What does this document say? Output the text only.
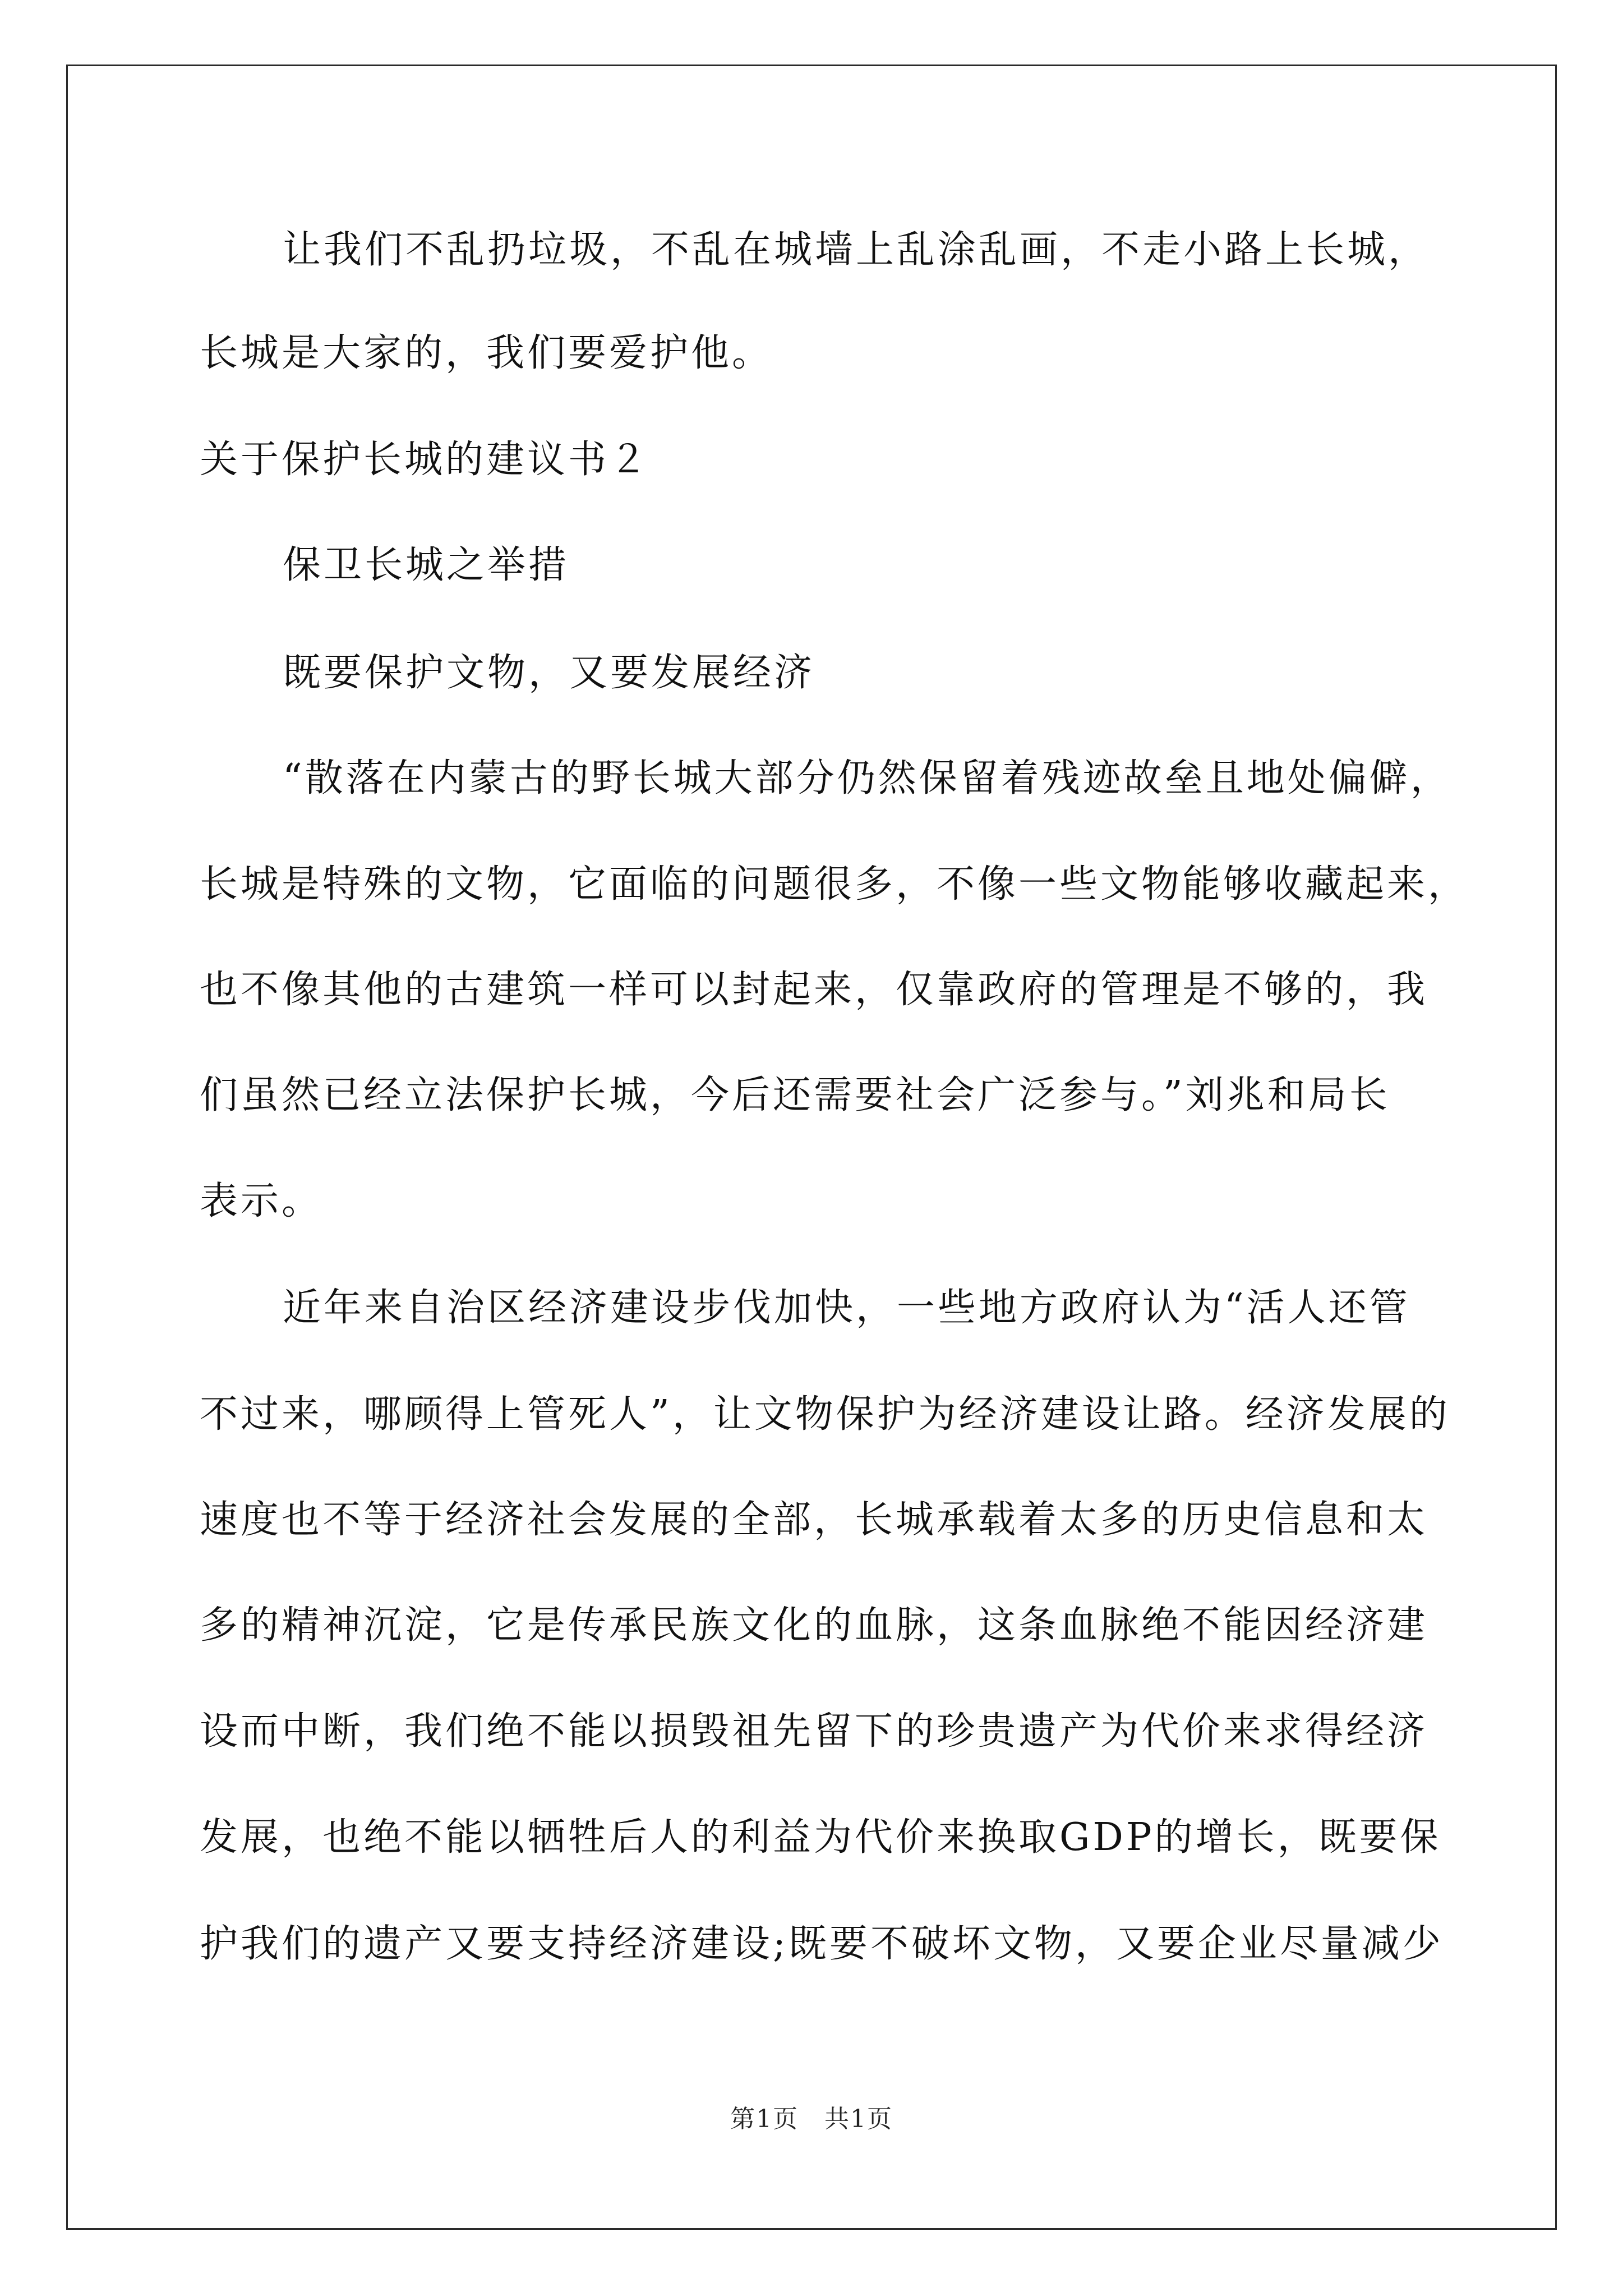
让我们不乱扔垃圾，不乱在城墙上乱涂乱画，不走小路上长城，
长城是大家的，我们要爱护他。
关于保护长城的建议书２
保卫长城之举措
既要保护文物，又要发展经济
“散落在内蒙古的野长城大部分仍然保留着残迹故垒且地处偏僻，
长城是特殊的文物，它面临的问题很多，不像一些文物能够收藏起来，
也不像其他的古建筑一样可以封起来，仅靠政府的管理是不够的，我
们虽然已经立法保护长城，今后还需要社会广泛参与。”刘兆和局长
表示。
近年来自治区经济建设步伐加快，一些地方政府认为“活人还管
不过来，哪顾得上管死人”，让文物保护为经济建设让路。经济发展的
速度也不等于经济社会发展的全部，长城承载着太多的历史信息和太
多的精神沉淀，它是传承民族文化的血脉，这条血脉绝不能因经济建
设而中断，我们绝不能以损毁祖先留下的珍贵遗产为代价来求得经济
发展，也绝不能以牺牲后人的利益为代价来换取GDP的增长，既要保
护我们的遗产又要支持经济建设;既要不破坏文物，又要企业尽量减少
第1页　共1页
